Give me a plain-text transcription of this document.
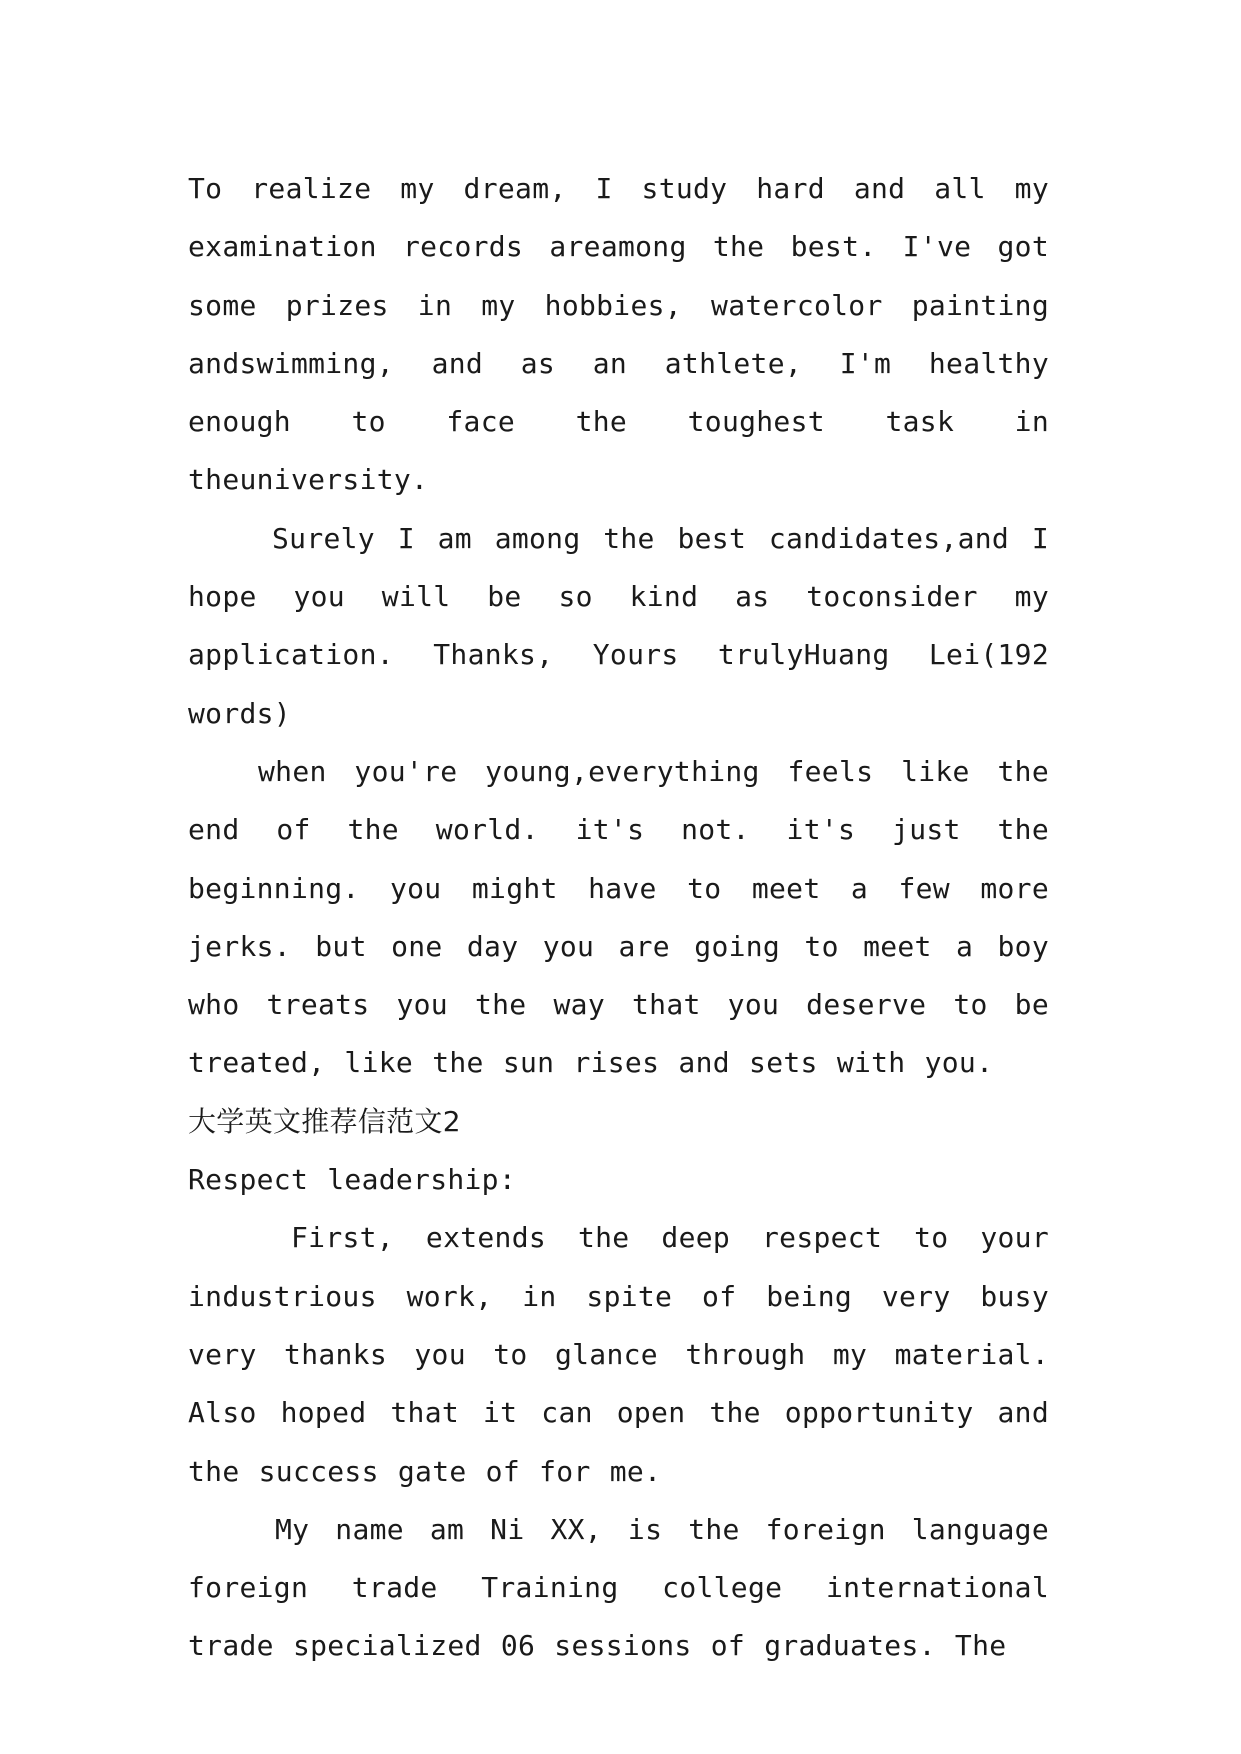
To realize my dream, I study hard and all my examination records areamong the best. I've got some prizes in my hobbies, watercolor painting andswimming, and as an athlete, I'm healthy enough to face the toughest task in theuniversity.

Surely I am among the best candidates,and I hope you will be so kind as toconsider my application. Thanks, Yours trulyHuang Lei(192 words)

when you're young,everything feels like the end of the world. it's not. it's just the beginning. you might have to meet a few more jerks. but one day you are going to meet a boy who treats you the way that you deserve to be treated, like the sun rises and sets with you.

大学英文推荐信范文2

Respect leadership:

First, extends the deep respect to your industrious work, in spite of being very busy very thanks you to glance through my material. Also hoped that it can open the opportunity and the success gate of for me.

My name am Ni XX, is the foreign language foreign trade Training college international trade specialized 06 sessions of graduates. The
